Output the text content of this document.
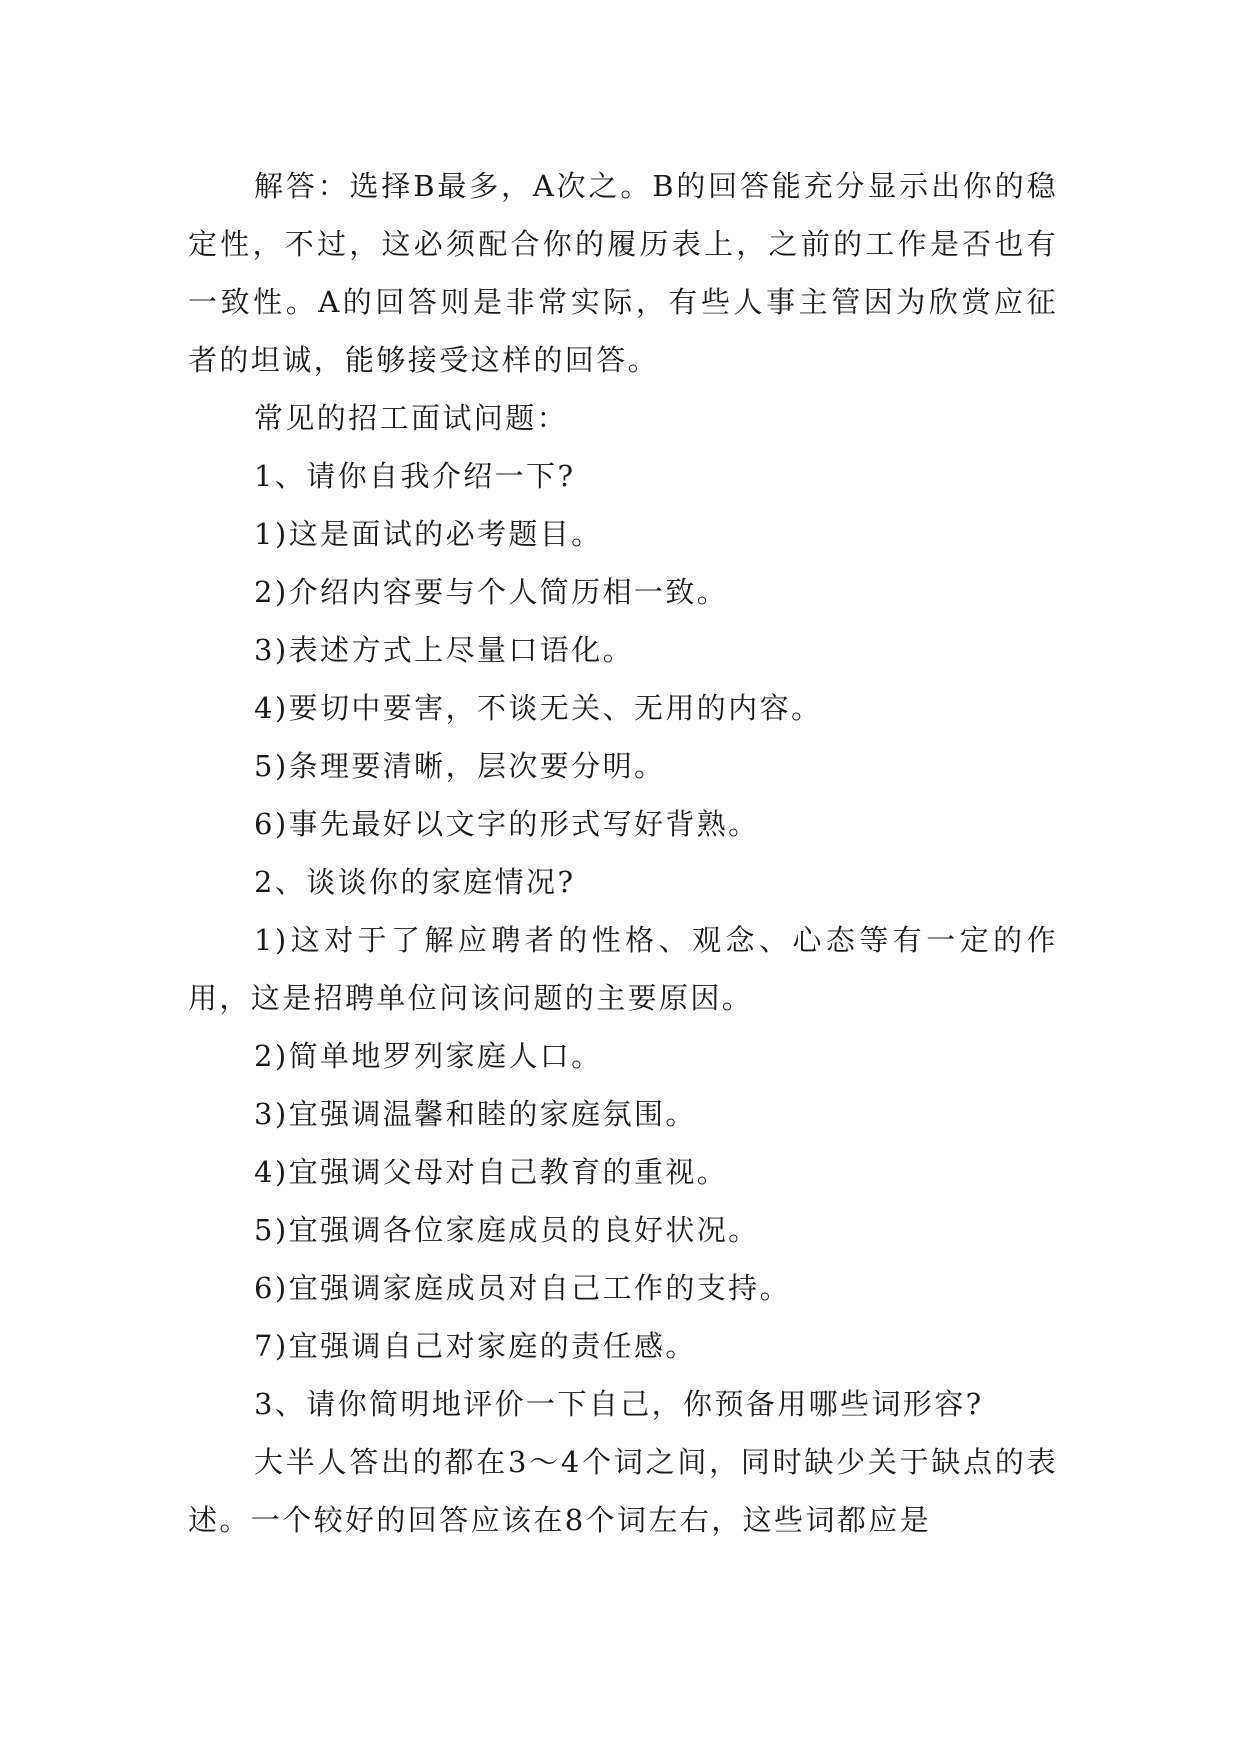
解答：选择B最多，A次之。B的回答能充分显示出你的稳定性，不过，这必须配合你的履历表上，之前的工作是否也有一致性。A的回答则是非常实际，有些人事主管因为欣赏应征者的坦诚，能够接受这样的回答。

常见的招工面试问题：

1、请你自我介绍一下?

1)这是面试的必考题目。

2)介绍内容要与个人简历相一致。

3)表述方式上尽量口语化。

4)要切中要害，不谈无关、无用的内容。

5)条理要清晰，层次要分明。

6)事先最好以文字的形式写好背熟。

2、谈谈你的家庭情况?

1)这对于了解应聘者的性格、观念、心态等有一定的作用，这是招聘单位问该问题的主要原因。

2)简单地罗列家庭人口。

3)宜强调温馨和睦的家庭氛围。

4)宜强调父母对自己教育的重视。

5)宜强调各位家庭成员的良好状况。

6)宜强调家庭成员对自己工作的支持。

7)宜强调自己对家庭的责任感。

3、请你简明地评价一下自己，你预备用哪些词形容?

大半人答出的都在3～4个词之间，同时缺少关于缺点的表述。一个较好的回答应该在8个词左右，这些词都应是
